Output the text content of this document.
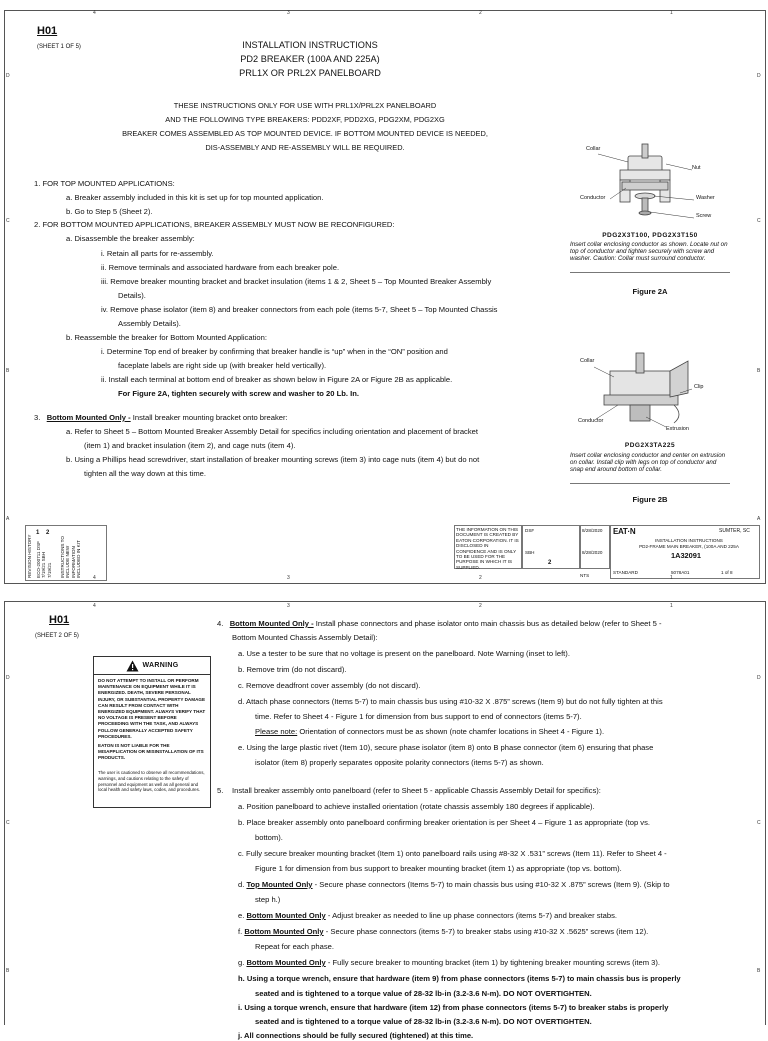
4	3	2	1
D
C
B
A
D
C
B
A
H01
(SHEET 1 OF 5)	INSTALLATION INSTRUCTIONS
PD2 BREAKER (100A AND 225A)
PRL1X OR PRL2X PANELBOARD
THESE INSTRUCTIONS ONLY FOR USE WITH PRL1X/PRL2X PANELBOARD
AND THE FOLLOWING TYPE BREAKERS: PDD2XF, PDD2XG, PDG2XM, PDG2XG
BREAKER COMES ASSEMBLED AS TOP MOUNTED DEVICE. IF BOTTOM MOUNTED DEVICE IS NEEDED,
DIS-ASSEMBLY AND RE-ASSEMBLY WILL BE REQUIRED.
1. FOR TOP MOUNTED APPLICATIONS:
a. Breaker assembly included in this kit is set up for top mounted application.
b. Go to Step 5 (Sheet 2).
2. FOR BOTTOM MOUNTED APPLICATIONS, BREAKER ASSEMBLY MUST NOW BE RECONFIGURED:
a. Disassemble the breaker assembly:
i. Retain all parts for re-assembly.
ii. Remove terminals and associated hardware from each breaker pole.
iii. Remove breaker mounting bracket and bracket insulation (items 1 & 2, Sheet 5 – Top Mounted Breaker Assembly
Details).
iv. Remove phase isolator (item 8) and breaker connectors from each pole (items 5-7, Sheet 5 – Top Mounted Chassis
Assembly Details).
b. Reassemble the breaker for Bottom Mounted Application:
i. Determine Top end of breaker by confirming that breaker handle is “up” when in the “ON” position and
faceplate labels are right side up (with breaker held vertically).
ii. Install each terminal at bottom end of breaker as shown below in Figure 2A or Figure 2B as applicable.
For Figure 2A, tighten securely with screw and washer to 20 Lb. In.
3. Bottom Mounted Only - Install breaker mounting bracket onto breaker:
a. Refer to Sheet 5 – Bottom Mounted Breaker Assembly Detail for specifics including orientation and placement of bracket
(item 1) and bracket insulation (item 2), and cage nuts (item 4).
b. Using a Phillips head screwdriver, start installation of breaker mounting screws (item 3) into cage nuts (item 4) but do not
tighten all the way down at this time.
Collar
Nut
Conductor	Washer
Screw
PDG2X3T100, PDG2X3T150
Insert collar enclosing conductor as shown. Locate nut on top of conductor and tighten securely with screw and washer. Caution: Collar must surround conductor.
Figure 2A
Collar
Clip
Conductor
Extrusion
PDG2X3TA225
Insert collar enclosing conductor and center on extrusion on collar. Install clip with legs on top of conductor and snap end around bottom of collar.
Figure 2B
REVISION HISTORY
1 2
ECO-200711 DSF 7/19/21 SBH 7/19/21 INSTRUCTIONS TO INCLUDE NEW INFORMATION INCLUDED IN KIT
THE INFORMATION ON THIS DOCUMENT IS CREATED BY EATON CORPORATION. IT IS DISCLOSED IN CONFIDENCE AND IS ONLY TO BE USED FOR THE PURPOSE IN WHICH IT IS SUPPLIED.
DSF
SBH
8/28/2020
8/28/2020
2
NTS
EAT·N	SUMTER, SC
INSTALLATION INSTRUCTIONS
PD2-FRAME MAIN BREAKER, (100A AND 225A
1A32091
STANDARD	5078A01	1 of 8
4	3	2	1
4	3	2	1
D
C
B
D
C
B
H01
(SHEET 2 OF 5)
WARNING
DO NOT ATTEMPT TO INSTALL OR PERFORM MAINTENANCE ON EQUIPMENT WHILE IT IS ENERGIZED. DEATH, SEVERE PERSONAL INJURY, OR SUBSTANTIAL PROPERTY DAMAGE CAN RESULT FROM CONTACT WITH ENERGIZED EQUIPMENT. ALWAYS VERIFY THAT NO VOLTAGE IS PRESENT BEFORE PROCEEDING WITH THE TASK, AND ALWAYS FOLLOW GENERALLY ACCEPTED SAFETY PROCEDURES.
EATON IS NOT LIABLE FOR THE MISAPPLICATION OR MISINSTALLATION OF ITS PRODUCTS.
The user is cautioned to observe all recommendations, warnings, and cautions relating to the safety of personnel and equipment as well as all general and local health and safety laws, codes, and procedures.
4. Bottom Mounted Only - Install phase connectors and phase isolator onto main chassis bus as detailed below (refer to Sheet 5 -
Bottom Mounted Chassis Assembly Detail):
a. Use a tester to be sure that no voltage is present on the panelboard. Note Warning (inset to left).
b. Remove trim (do not discard).
c. Remove deadfront cover assembly (do not discard).
d. Attach phase connectors (Items 5-7) to main chassis bus using #10-32 X .875” screws (Item 9) but do not fully tighten at this
time. Refer to Sheet 4 - Figure 1 for dimension from bus support to end of connectors (items 5-7).
Please note: Orientation of connectors must be as shown (note chamfer locations in Sheet 4 - Figure 1).
e. Using the large plastic rivet (Item 10), secure phase isolator (item 8) onto B phase connector (item 6) ensuring that phase
isolator (item 8) properly separates opposite polarity connectors (items 5-7) as shown.
5. Install breaker assembly onto panelboard (refer to Sheet 5 - applicable Chassis Assembly Detail for specifics):
a. Position panelboard to achieve installed orientation (rotate chassis assembly 180 degrees if applicable).
b. Place breaker assembly onto panelboard confirming breaker orientation is per Sheet 4 – Figure 1 as appropriate (top vs.
bottom).
c. Fully secure breaker mounting bracket (Item 1) onto panelboard rails using #8-32 X .531” screws (Item 11). Refer to Sheet 4 -
Figure 1 for dimension from bus support to breaker mounting bracket (item 1) as appropriate (top vs. bottom).
d. Top Mounted Only - Secure phase connectors (Items 5-7) to main chassis bus using #10-32 X .875” screws (Item 9). (Skip to
step h.)
e. Bottom Mounted Only - Adjust breaker as needed to line up phase connectors (items 5-7) and breaker stabs.
f. Bottom Mounted Only - Secure phase connectors (items 5-7) to breaker stabs using #10-32 X .5625” screws (item 12).
Repeat for each phase.
g. Bottom Mounted Only - Fully secure breaker to mounting bracket (item 1) by tightening breaker mounting screws (item 3).
h. Using a torque wrench, ensure that hardware (item 9) from phase connectors (items 5-7) to main chassis bus is properly
seated and is tightened to a torque value of 28-32 lb-in (3.2-3.6 N-m). DO NOT OVERTIGHTEN.
i. Using a torque wrench, ensure that hardware (item 12) from phase connectors (items 5-7) to breaker stabs is properly
seated and is tightened to a torque value of 28-32 lb-in (3.2-3.6 N-m). DO NOT OVERTIGHTEN.
j. All connections should be fully secured (tightened) at this time.
